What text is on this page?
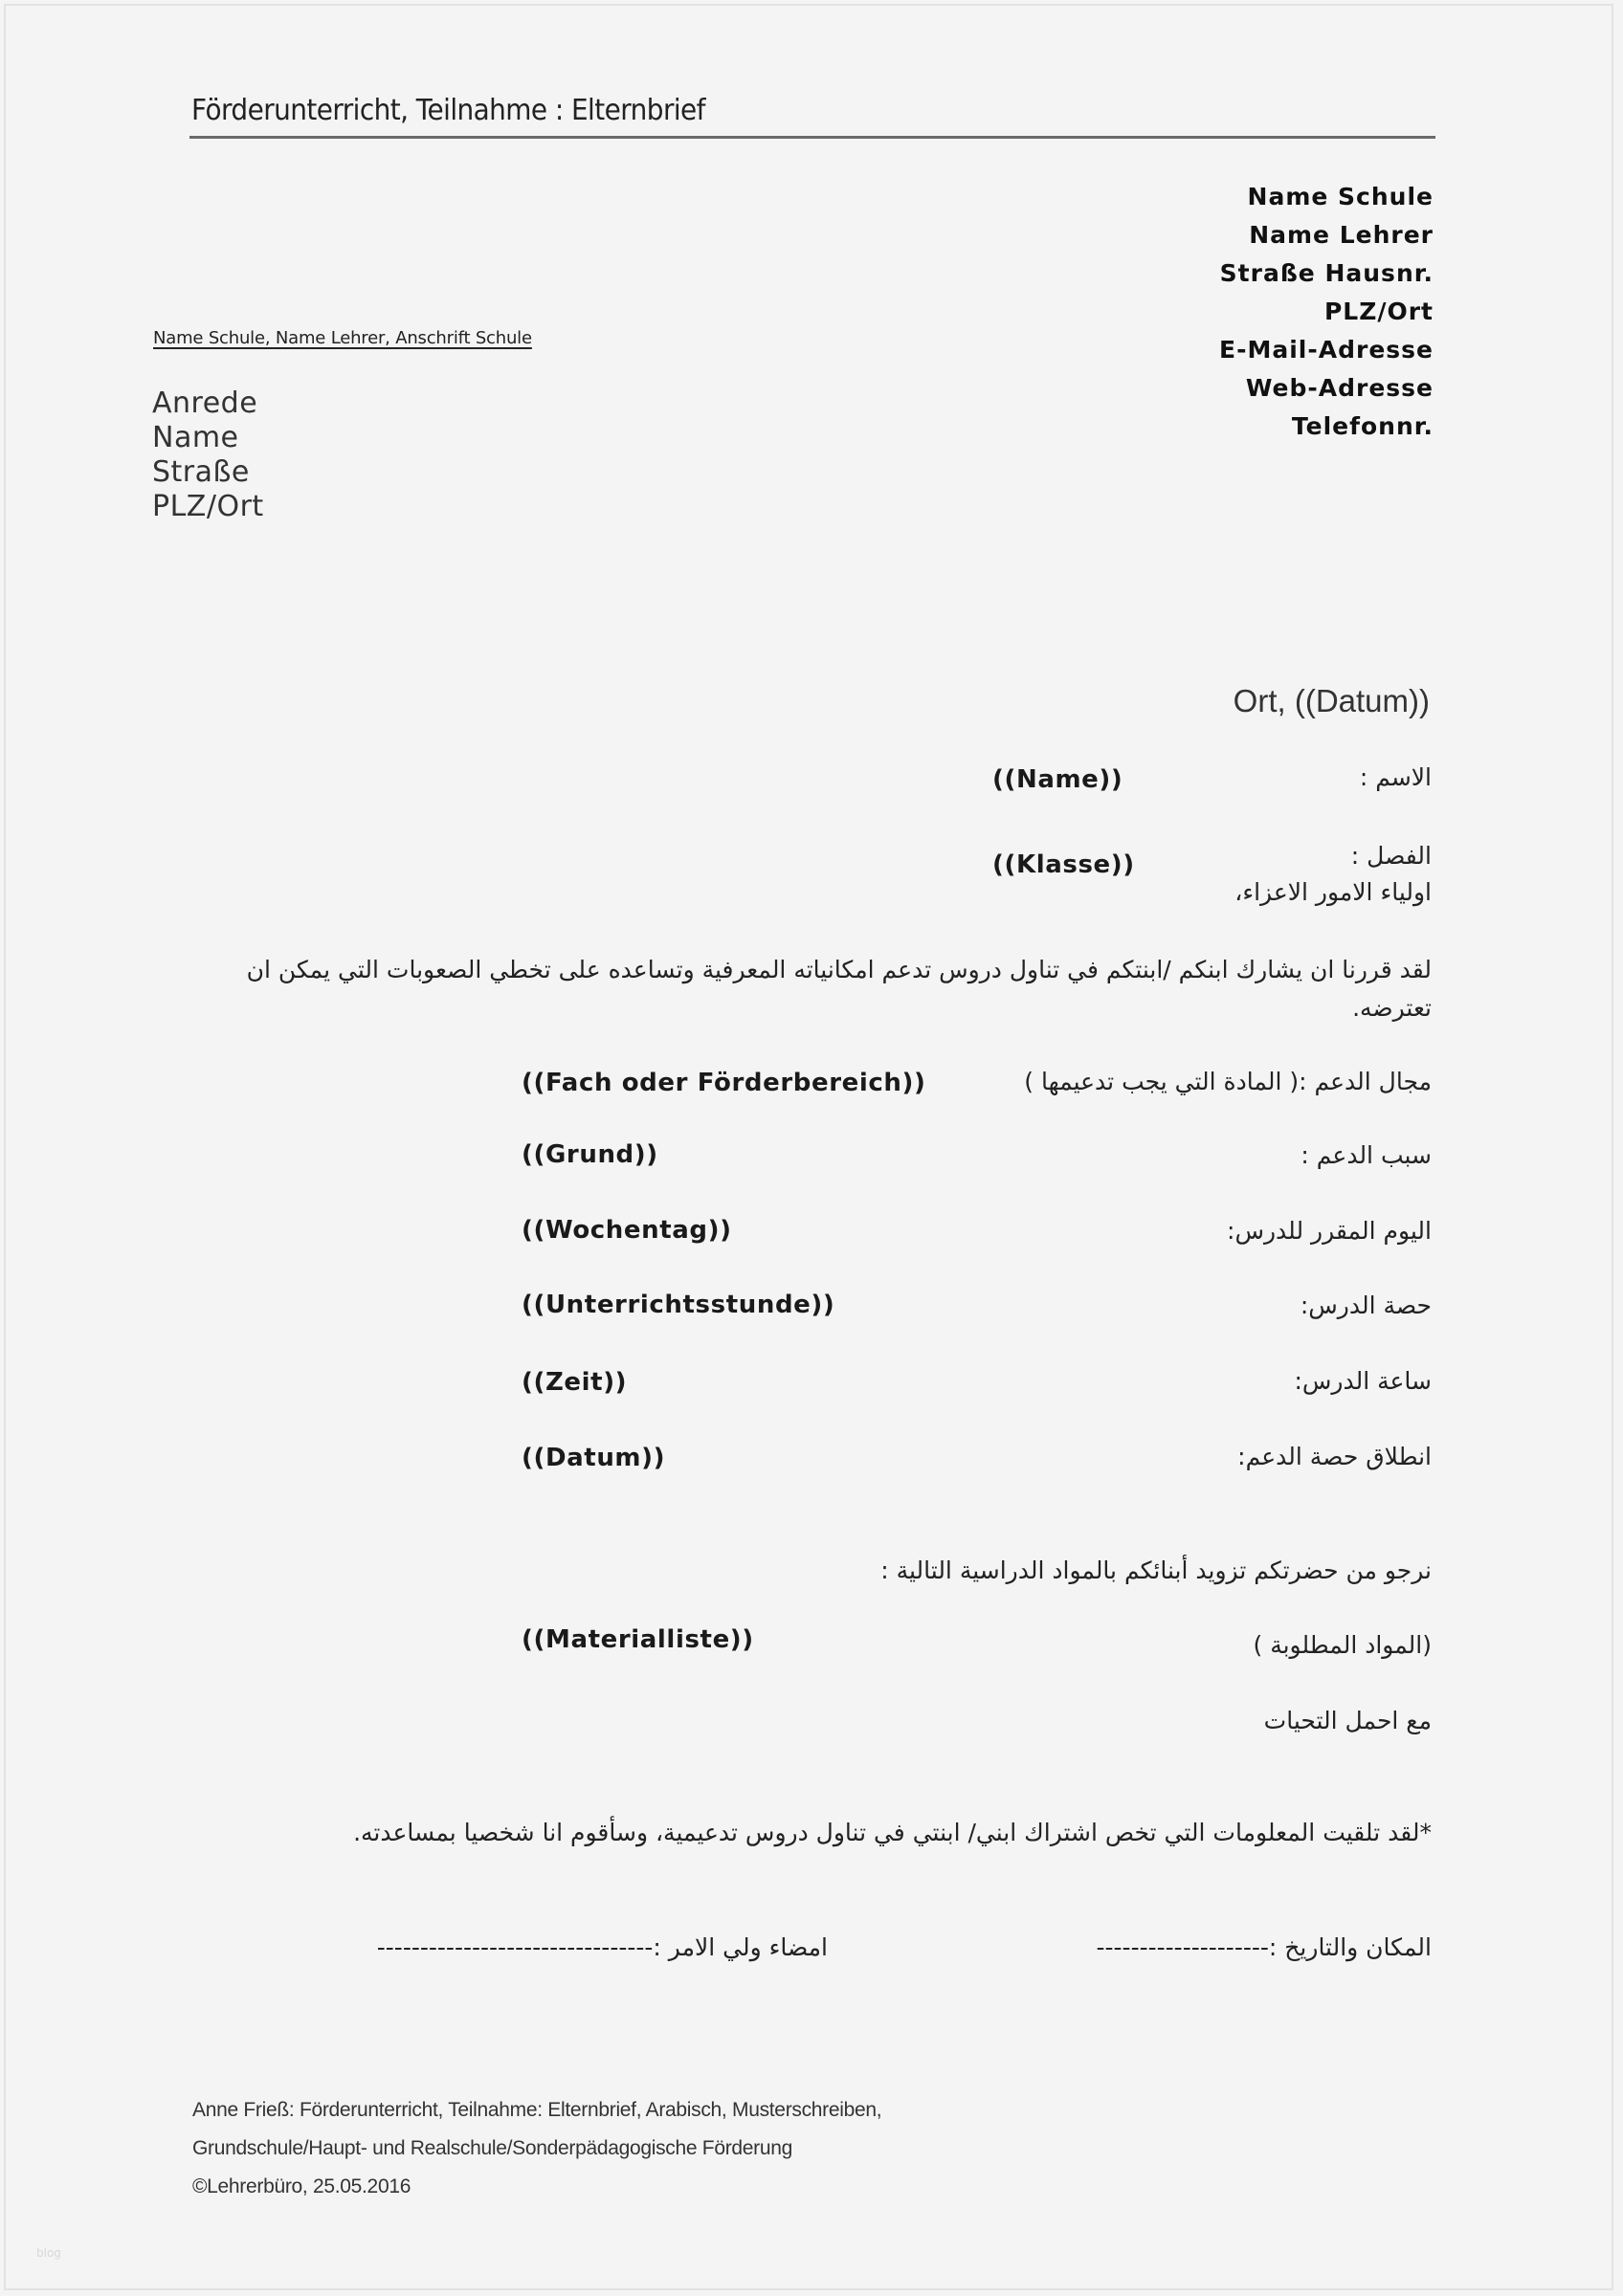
Förderunterricht, Teilnahme : Elternbrief
Name Schule
Name Lehrer
Straße Hausnr.
PLZ/Ort
E-Mail-Adresse
Web-Adresse
Telefonnr.
Name Schule, Name Lehrer, Anschrift Schule
Anrede
Name
Straße
PLZ/Ort
Ort, ((Datum))
الاسم :
((Name))
الفصل :
((Klasse))
اولياء الامور الاعزاء،
لقد قررنا ان يشارك ابنكم /ابنتكم في تناول دروس تدعم امكانياته المعرفية وتساعده على تخطي الصعوبات التي يمكن ان تعترضه.
مجال الدعم :( المادة التي يجب تدعيمها )
((Fach oder Förderbereich))
سبب الدعم :
((Grund))
اليوم المقرر للدرس:
((Wochentag))
حصة الدرس:
((Unterrichtsstunde))
ساعة الدرس:
((Zeit))
انطلاق حصة الدعم:
((Datum))
نرجو من حضرتكم تزويد أبنائكم بالمواد الدراسية التالية :
(المواد المطلوبة )
((Materialliste))
مع احمل التحيات
*لقد تلقيت المعلومات التي تخص اشتراك ابني/ ابنتي في تناول دروس تدعيمية، وسأقوم انا شخصيا بمساعدته.
المكان والتاريخ :--------------------
امضاء ولي الامر :--------------------------------
Anne Frieß: Förderunterricht, Teilnahme: Elternbrief, Arabisch, Musterschreiben,
Grundschule/Haupt- und Realschule/Sonderpädagogische Förderung
©Lehrerbüro, 25.05.2016
blog
